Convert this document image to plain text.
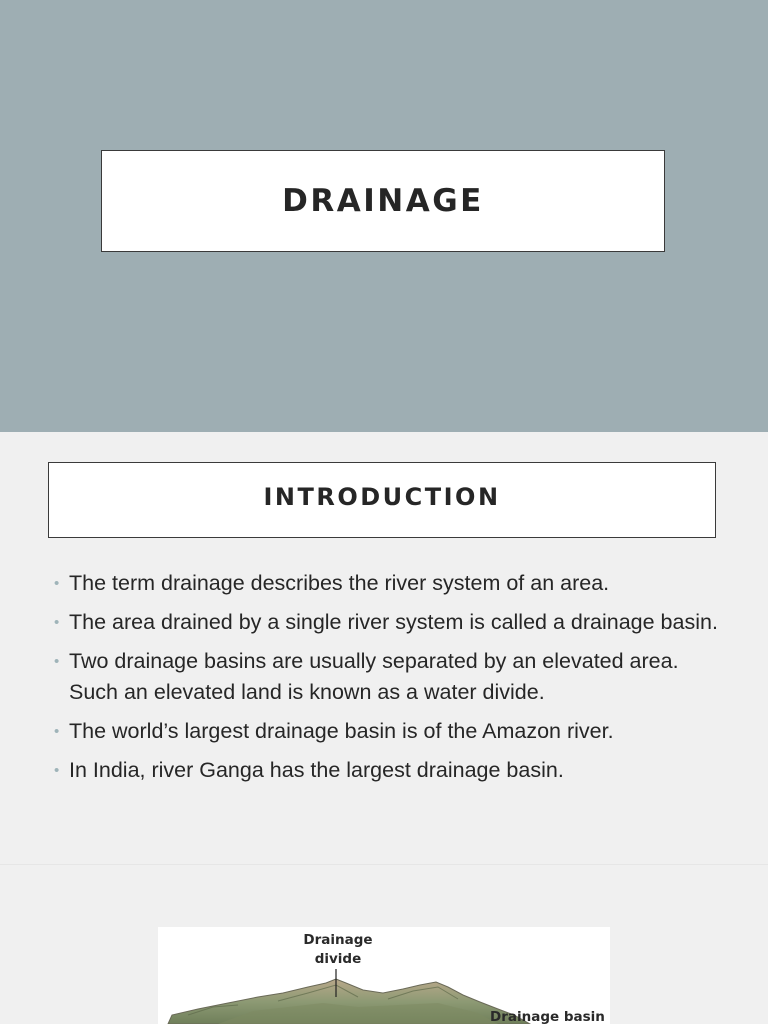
DRAINAGE
INTRODUCTION
• The term drainage describes the river system of an area.
• The area drained by a single river system is called a drainage basin.
• Two drainage basins are usually separated by an elevated area. Such an elevated land is known as a water divide.
• The world’s largest drainage basin is of the Amazon river.
• In India, river Ganga has the largest drainage basin.
Drainage
divide
Drainage basin
